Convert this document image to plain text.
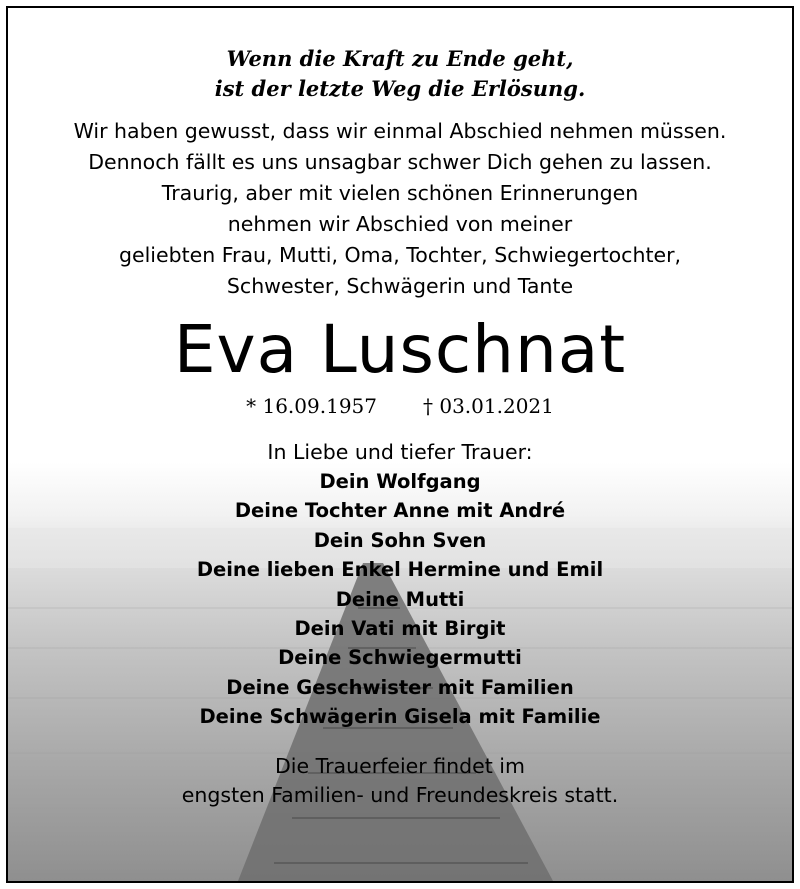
Wenn die Kraft zu Ende geht,
ist der letzte Weg die Erlösung.
Wir haben gewusst, dass wir einmal Abschied nehmen müssen.
Dennoch fällt es uns unsagbar schwer Dich gehen zu lassen.
Traurig, aber mit vielen schönen Erinnerungen
nehmen wir Abschied von meiner
geliebten Frau, Mutti, Oma, Tochter, Schwiegertochter,
Schwester, Schwägerin und Tante
Eva Luschnat
* 16.09.1957 † 03.01.2021
In Liebe und tiefer Trauer:
Dein Wolfgang
Deine Tochter Anne mit André
Dein Sohn Sven
Deine lieben Enkel Hermine und Emil
Deine Mutti
Dein Vati mit Birgit
Deine Schwiegermutti
Deine Geschwister mit Familien
Deine Schwägerin Gisela mit Familie
Die Trauerfeier findet im
engsten Familien- und Freundeskreis statt.
